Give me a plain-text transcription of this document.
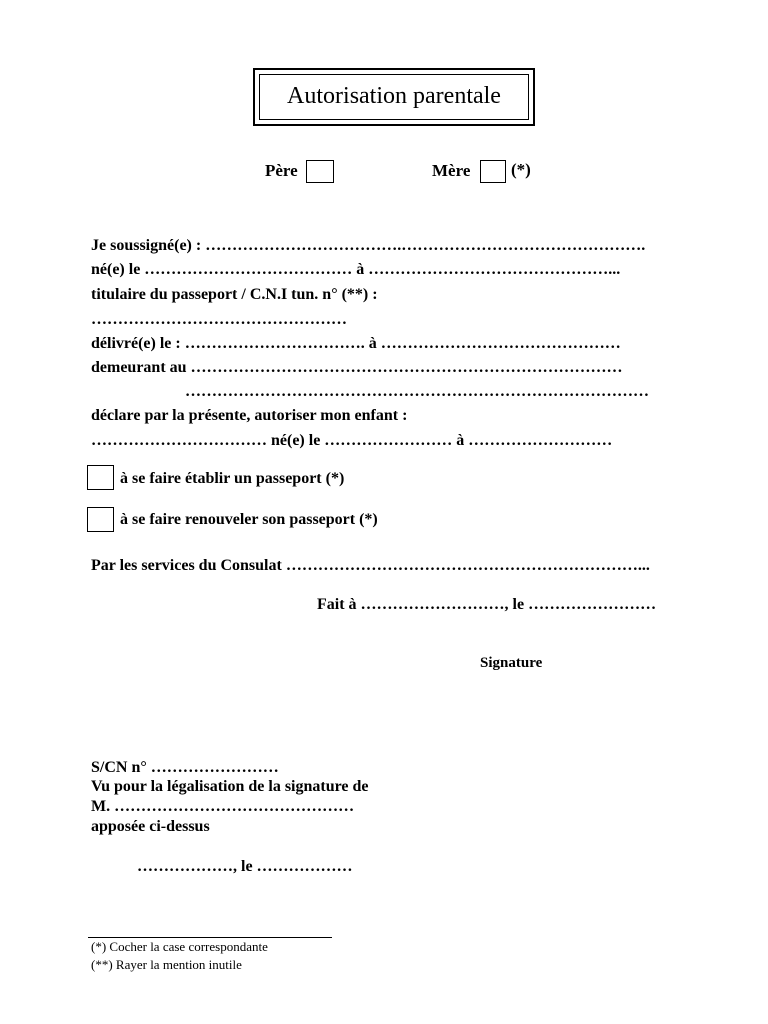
Autorisation parentale
Père	Mère (*)
Je soussigné(e) : ……………………………….……………………………………….
né(e) le ………………………………… à ………………………………………...
titulaire du passeport / C.N.I tun. n° (**) :
…………………………………………
délivré(e) le : ……………………………. à ………………………………………
demeurant au ………………………………………………………………………
……………………………………………………………………………
déclare par la présente, autoriser mon enfant :
…………………………… né(e) le …………………… à ………………………
à se faire établir un passeport (*)
à se faire renouveler son passeport (*)
Par les services du Consulat …………………………………………………………...
Fait à ………………………, le ……………………
Signature
S/CN n° ……………………
Vu pour la légalisation de la signature de
M. ………………………………………
apposée ci-dessus
………………, le ………………
(*) Cocher la case correspondante
(**) Rayer la mention inutile
